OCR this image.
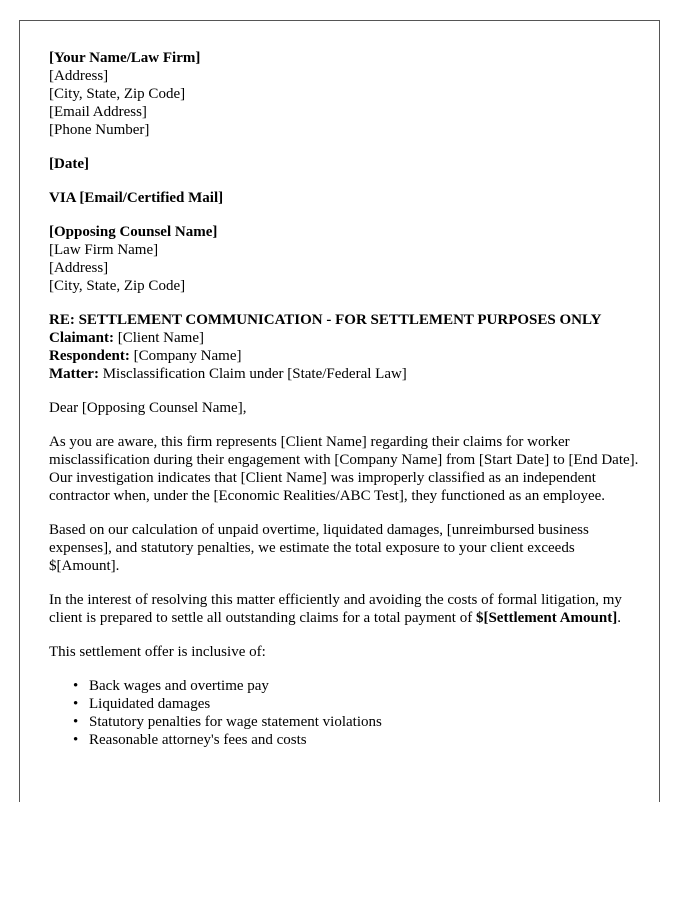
[Your Name/Law Firm]
[Address]
[City, State, Zip Code]
[Email Address]
[Phone Number]
[Date]
VIA [Email/Certified Mail]
[Opposing Counsel Name]
[Law Firm Name]
[Address]
[City, State, Zip Code]
RE: SETTLEMENT COMMUNICATION - FOR SETTLEMENT PURPOSES ONLY
Claimant: [Client Name]
Respondent: [Company Name]
Matter: Misclassification Claim under [State/Federal Law]

Dear [Opposing Counsel Name],

As you are aware, this firm represents [Client Name] regarding their claims for worker misclassification during their engagement with [Company Name] from [Start Date] to [End Date]. Our investigation indicates that [Client Name] was improperly classified as an independent contractor when, under the [Economic Realities/ABC Test], they functioned as an employee.

Based on our calculation of unpaid overtime, liquidated damages, [unreimbursed business expenses], and statutory penalties, we estimate the total exposure to your client exceeds $[Amount].

In the interest of resolving this matter efficiently and avoiding the costs of formal litigation, my client is prepared to settle all outstanding claims for a total payment of $[Settlement Amount].

This settlement offer is inclusive of:

• Back wages and overtime pay
• Liquidated damages
• Statutory penalties for wage statement violations
• Reasonable attorney's fees and costs
